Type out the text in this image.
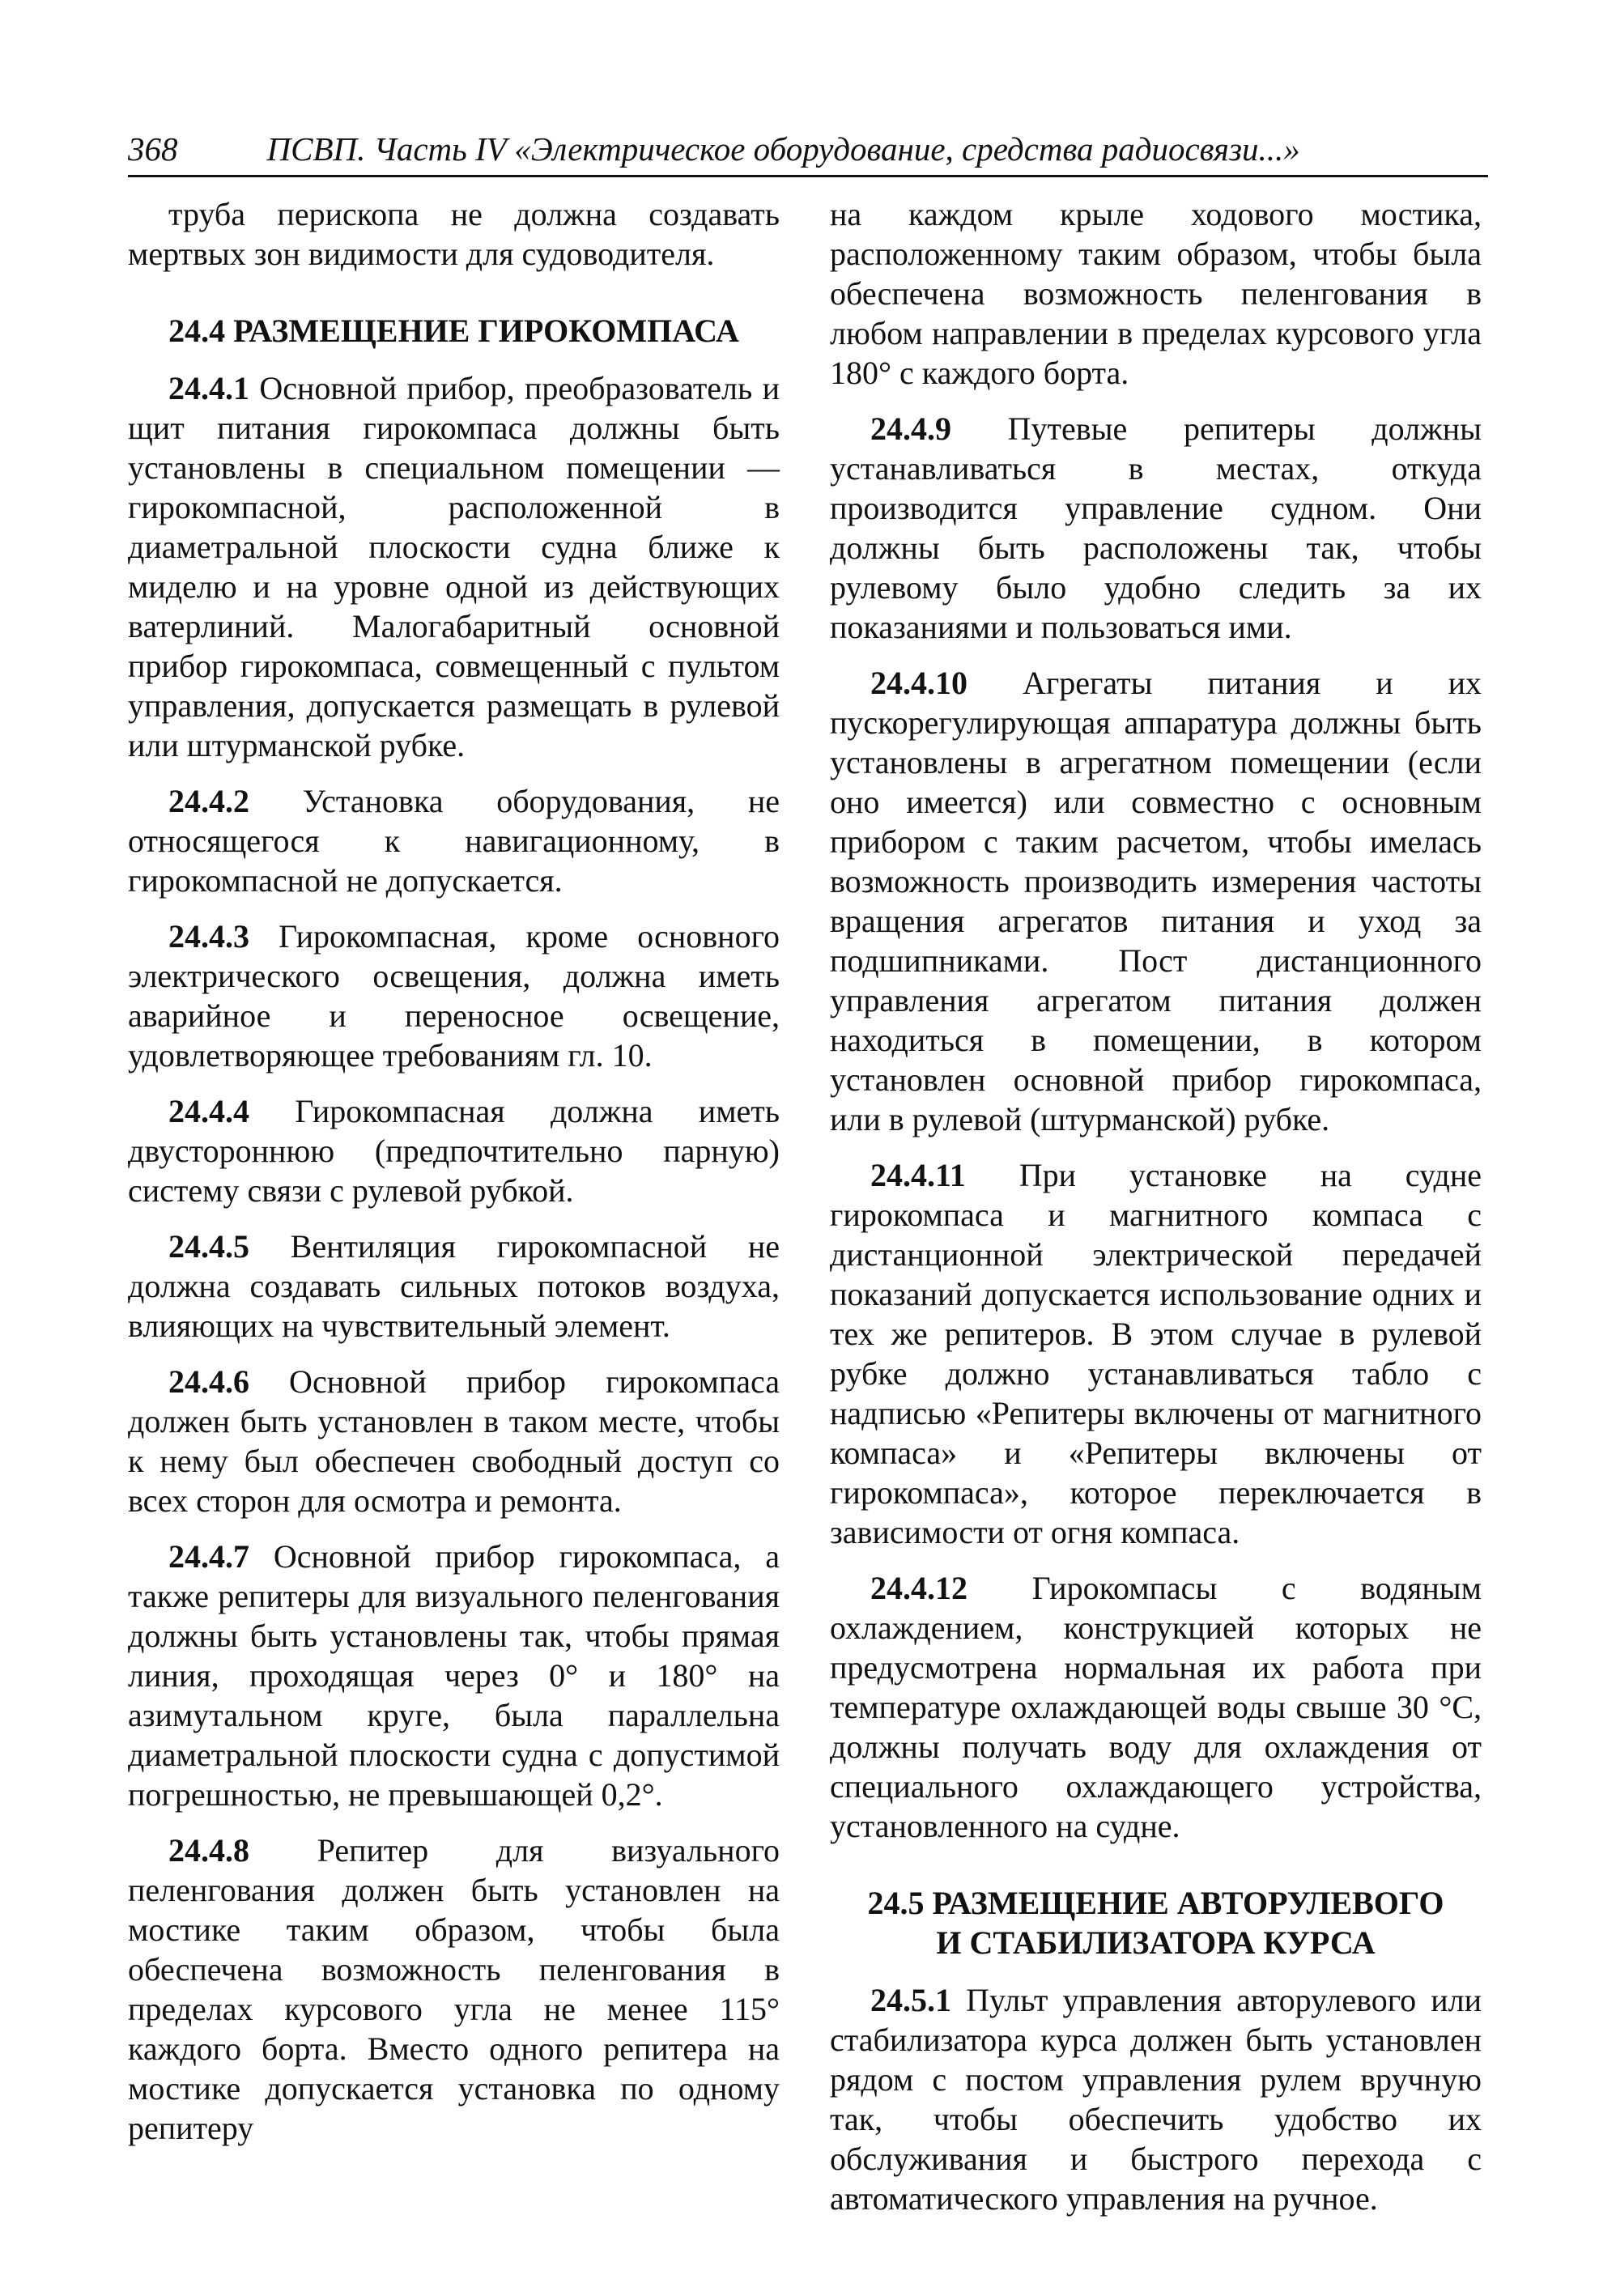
368	ПСВП. Часть IV «Электрическое оборудование, средства радиосвязи...»

труба перископа не должна создавать мертвых зон видимости для судоводителя.

24.4 РАЗМЕЩЕНИЕ ГИРОКОМПАСА

24.4.1 Основной прибор, преобразователь и щит питания гирокомпаса должны быть установлены в специальном помещении — гирокомпасной, расположенной в диаметральной плоскости судна ближе к миделю и на уровне одной из действующих ватерлиний. Малогабаритный основной прибор гирокомпаса, совмещенный с пультом управления, допускается размещать в рулевой или штурманской рубке.

24.4.2 Установка оборудования, не относящегося к навигационному, в гирокомпасной не допускается.

24.4.3 Гирокомпасная, кроме основного электрического освещения, должна иметь аварийное и переносное освещение, удовлетворяющее требованиям гл. 10.

24.4.4 Гирокомпасная должна иметь двустороннюю (предпочтительно парную) систему связи с рулевой рубкой.

24.4.5 Вентиляция гирокомпасной не должна создавать сильных потоков воздуха, влияющих на чувствительный элемент.

24.4.6 Основной прибор гирокомпаса должен быть установлен в таком месте, чтобы к нему был обеспечен свободный доступ со всех сторон для осмотра и ремонта.

24.4.7 Основной прибор гирокомпаса, а также репитеры для визуального пеленгования должны быть установлены так, чтобы прямая линия, проходящая через 0° и 180° на азимутальном круге, была параллельна диаметральной плоскости судна с допустимой погрешностью, не превышающей 0,2°.

24.4.8 Репитер для визуального пеленгования должен быть установлен на мостике таким образом, чтобы была обеспечена возможность пеленгования в пределах курсового угла не менее 115° каждого борта. Вместо одного репитера на мостике допускается установка по одному репитеру

на каждом крыле ходового мостика, расположенному таким образом, чтобы была обеспечена возможность пеленгования в любом направлении в пределах курсового угла 180° с каждого борта.

24.4.9 Путевые репитеры должны устанавливаться в местах, откуда производится управление судном. Они должны быть расположены так, чтобы рулевому было удобно следить за их показаниями и пользоваться ими.

24.4.10 Агрегаты питания и их пускорегулирующая аппаратура должны быть установлены в агрегатном помещении (если оно имеется) или совместно с основным прибором с таким расчетом, чтобы имелась возможность производить измерения частоты вращения агрегатов питания и уход за подшипниками. Пост дистанционного управления агрегатом питания должен находиться в помещении, в котором установлен основной прибор гирокомпаса, или в рулевой (штурманской) рубке.

24.4.11 При установке на судне гирокомпаса и магнитного компаса с дистанционной электрической передачей показаний допускается использование одних и тех же репитеров. В этом случае в рулевой рубке должно устанавливаться табло с надписью «Репитеры включены от магнитного компаса» и «Репитеры включены от гирокомпаса», которое переключается в зависимости от огня компаса.

24.4.12 Гирокомпасы с водяным охлаждением, конструкцией которых не предусмотрена нормальная их работа при температуре охлаждающей воды свыше 30 °С, должны получать воду для охлаждения от специального охлаждающего устройства, установленного на судне.

24.5 РАЗМЕЩЕНИЕ АВТОРУЛЕВОГО
И СТАБИЛИЗАТОРА КУРСА

24.5.1 Пульт управления авторулевого или стабилизатора курса должен быть установлен рядом с постом управления рулем вручную так, чтобы обеспечить удобство их обслуживания и быстрого перехода с автоматического управления на ручное.
